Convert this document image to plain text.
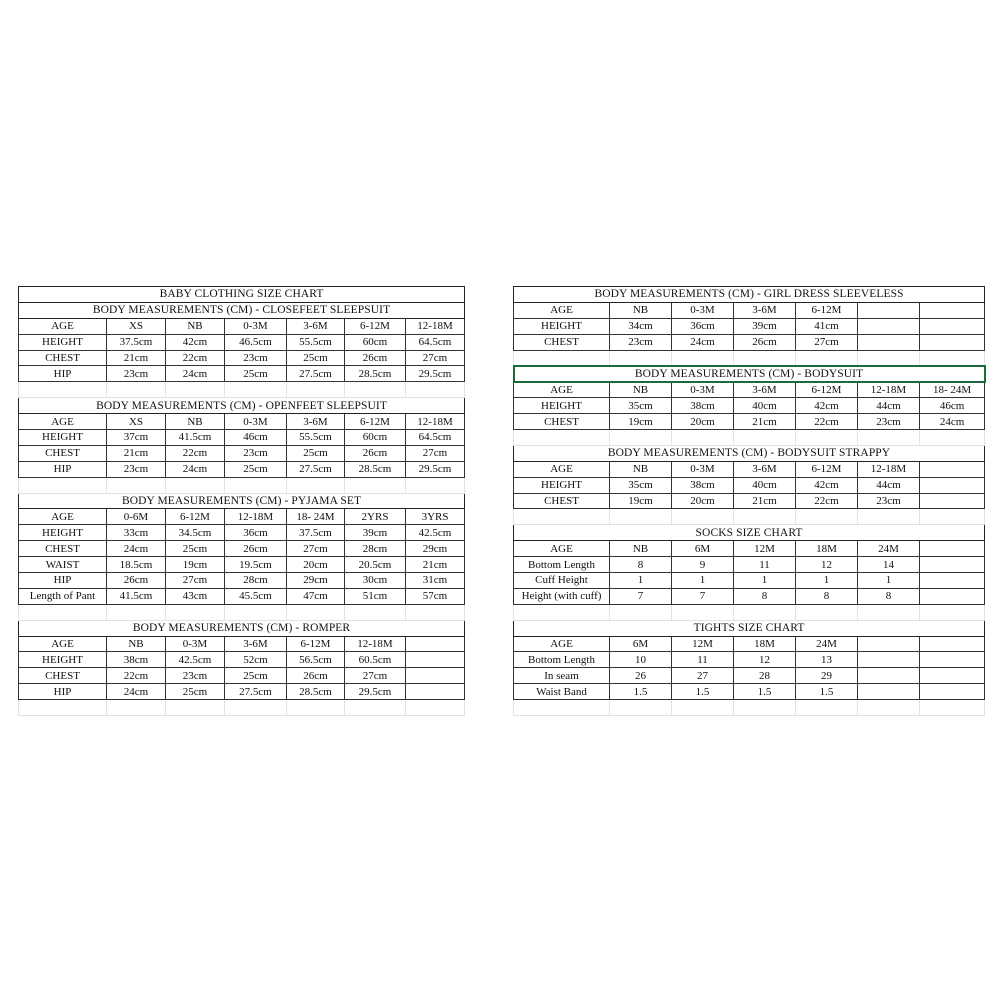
BABY CLOTHING SIZE CHART						
BODY MEASUREMENTS (CM) - CLOSEFEET SLEEPSUIT						
AGE	XS	NB	0-3M	3-6M	6-12M	12-18M
HEIGHT	37.5cm	42cm	46.5cm	55.5cm	60cm	64.5cm
CHEST	21cm	22cm	23cm	25cm	26cm	27cm
HIP	23cm	24cm	25cm	27.5cm	28.5cm	29.5cm

BODY MEASUREMENTS (CM) - OPENFEET SLEEPSUIT						
AGE	XS	NB	0-3M	3-6M	6-12M	12-18M
HEIGHT	37cm	41.5cm	46cm	55.5cm	60cm	64.5cm
CHEST	21cm	22cm	23cm	25cm	26cm	27cm
HIP	23cm	24cm	25cm	27.5cm	28.5cm	29.5cm

BODY MEASUREMENTS (CM) - PYJAMA SET						
AGE	0-6M	6-12M	12-18M	18- 24M	2YRS	3YRS
HEIGHT	33cm	34.5cm	36cm	37.5cm	39cm	42.5cm
CHEST	24cm	25cm	26cm	27cm	28cm	29cm
WAIST	18.5cm	19cm	19.5cm	20cm	20.5cm	21cm
HIP	26cm	27cm	28cm	29cm	30cm	31cm
Length of Pant	41.5cm	43cm	45.5cm	47cm	51cm	57cm

BODY MEASUREMENTS (CM) - ROMPER						
AGE	NB	0-3M	3-6M	6-12M	12-18M	
HEIGHT	38cm	42.5cm	52cm	56.5cm	60.5cm	
CHEST	22cm	23cm	25cm	26cm	27cm	
HIP	24cm	25cm	27.5cm	28.5cm	29.5cm	

BODY MEASUREMENTS (CM) - GIRL DRESS SLEEVELESS						
AGE	NB	0-3M	3-6M	6-12M		
HEIGHT	34cm	36cm	39cm	41cm		
CHEST	23cm	24cm	26cm	27cm		

BODY MEASUREMENTS (CM) - BODYSUIT						
AGE	NB	0-3M	3-6M	6-12M	12-18M	18- 24M
HEIGHT	35cm	38cm	40cm	42cm	44cm	46cm
CHEST	19cm	20cm	21cm	22cm	23cm	24cm

BODY MEASUREMENTS (CM) - BODYSUIT STRAPPY						
AGE	NB	0-3M	3-6M	6-12M	12-18M	
HEIGHT	35cm	38cm	40cm	42cm	44cm	
CHEST	19cm	20cm	21cm	22cm	23cm	

SOCKS SIZE CHART						
AGE	NB	6M	12M	18M	24M	
Bottom Length	8	9	11	12	14	
Cuff Height	1	1	1	1	1	
Height (with cuff)	7	7	8	8	8	

TIGHTS SIZE CHART						
AGE	6M	12M	18M	24M		
Bottom Length	10	11	12	13		
In seam	26	27	28	29		
Waist Band	1.5	1.5	1.5	1.5		
